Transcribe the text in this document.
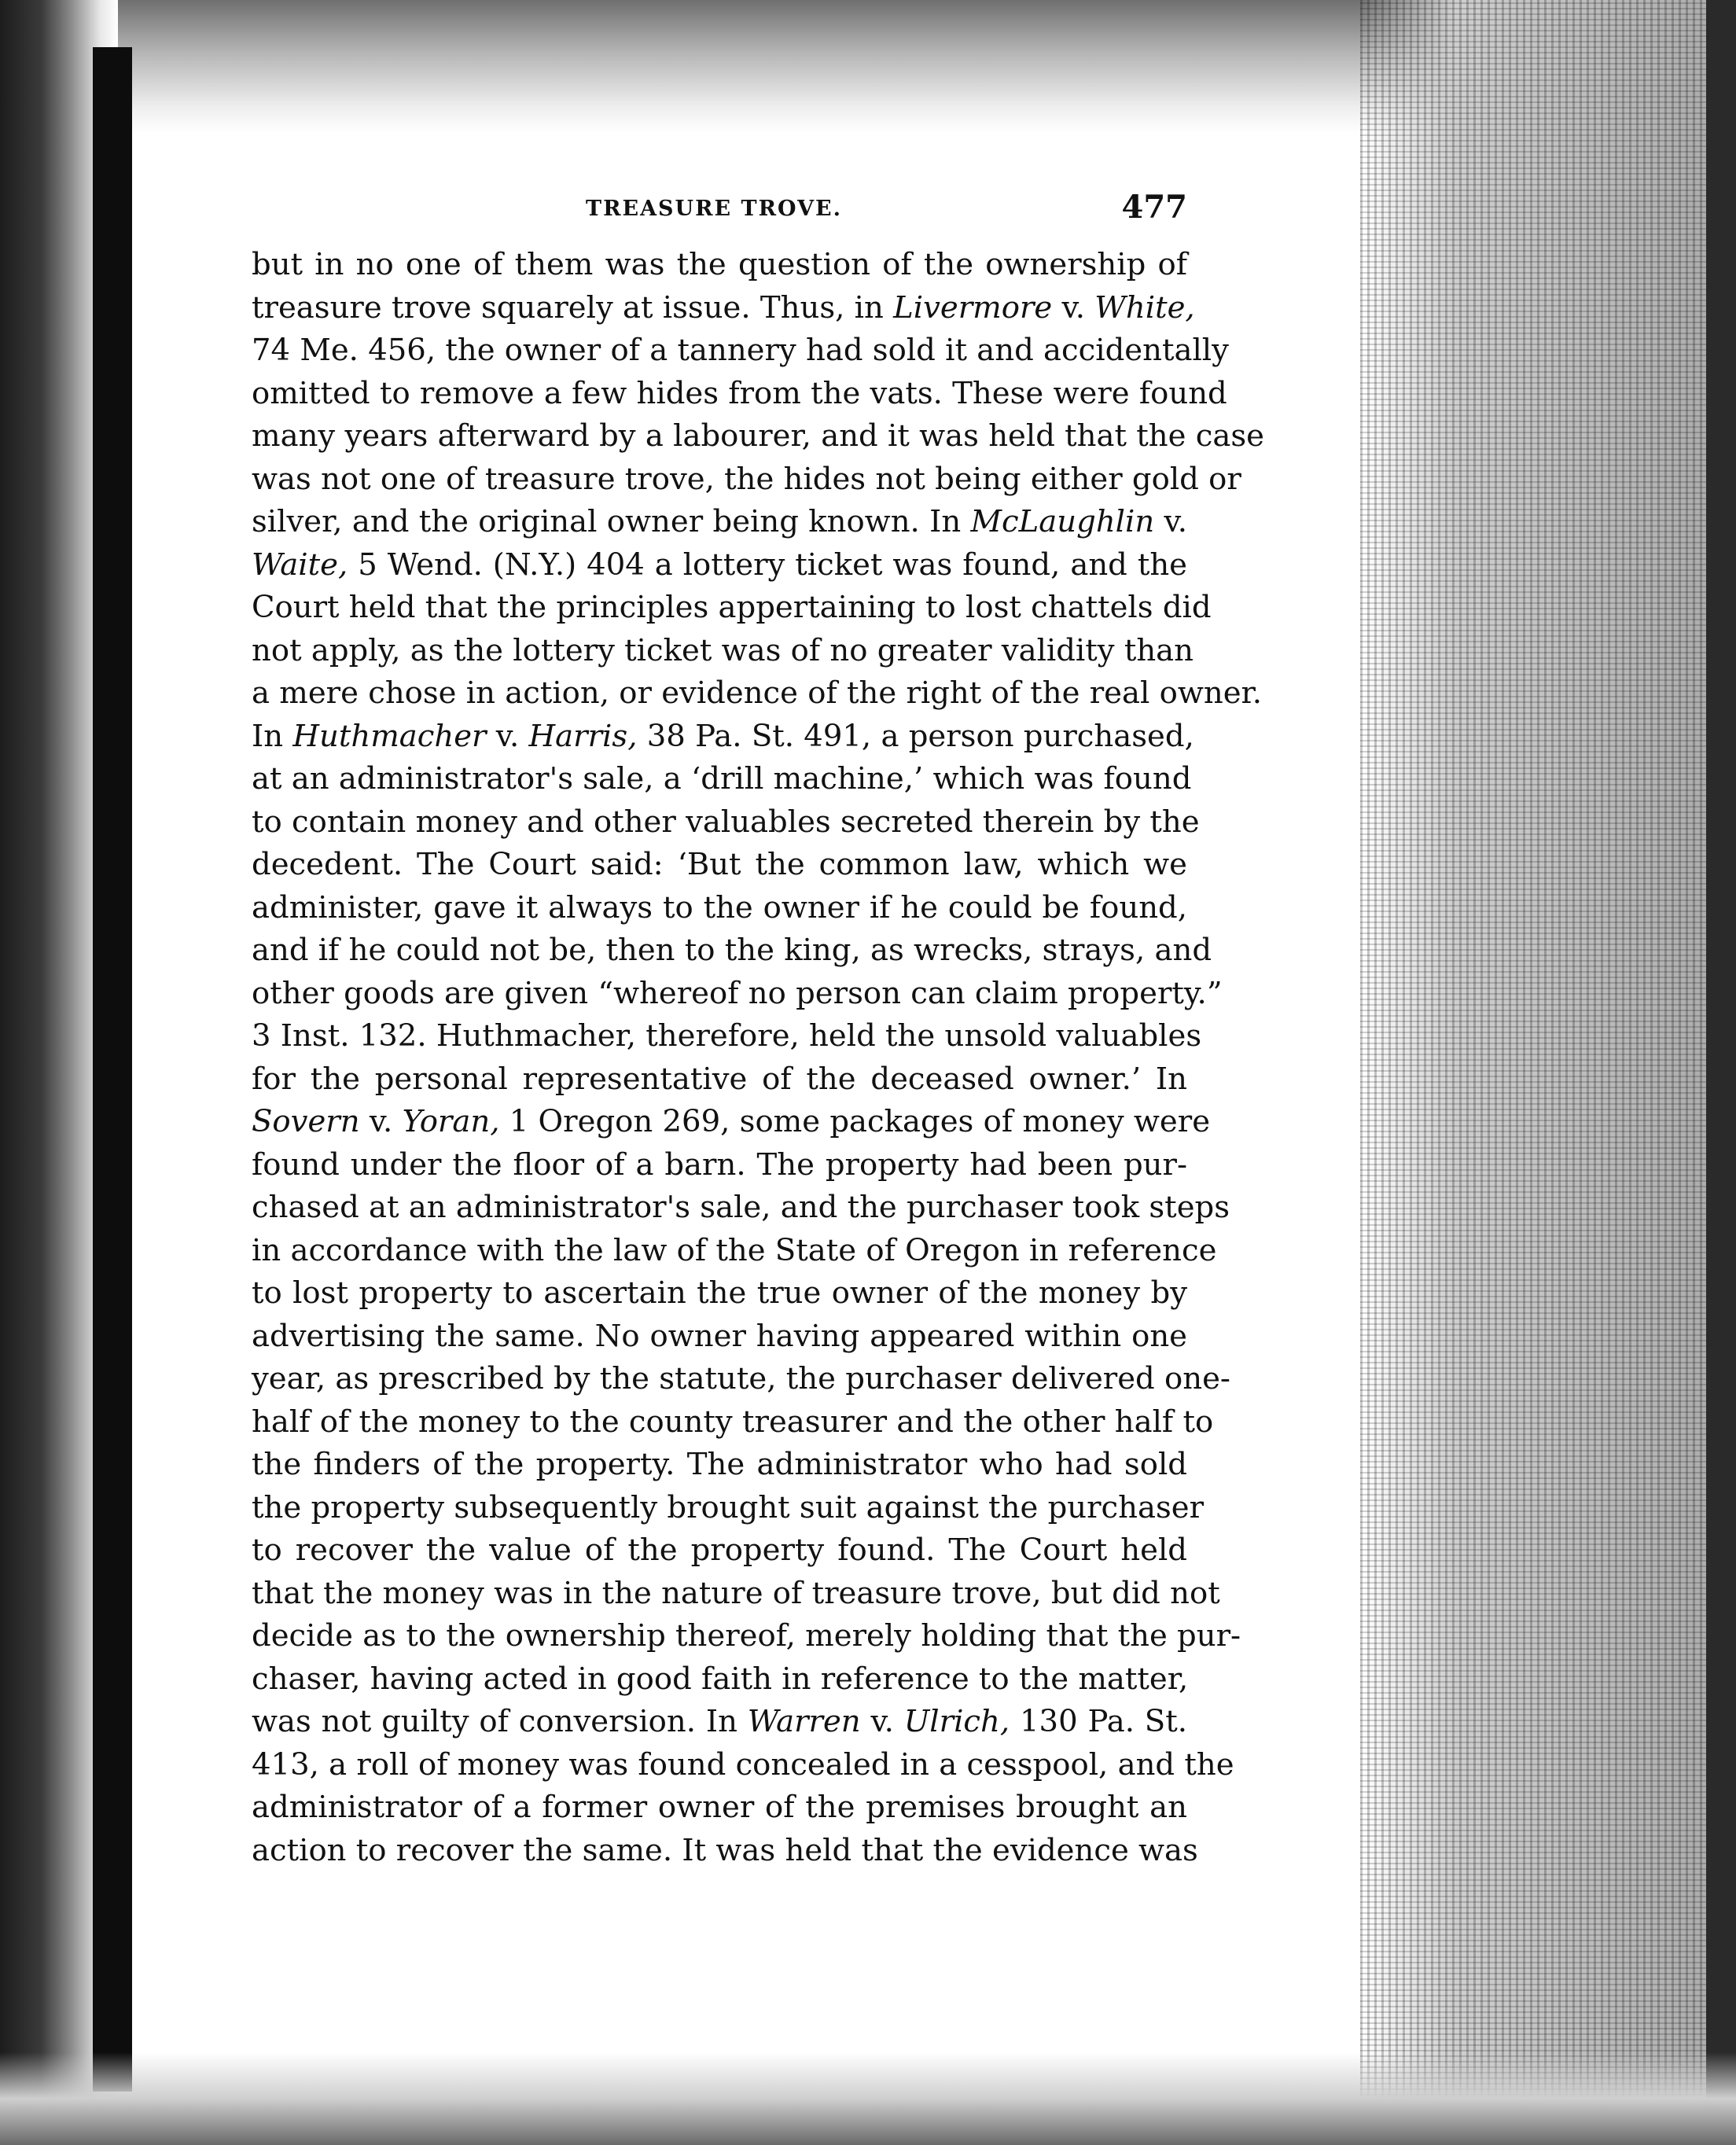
TREASURE TROVE.	477
but in no one of them was the question of the ownership of
treasure trove squarely at issue. Thus, in Livermore v. White,
74 Me. 456, the owner of a tannery had sold it and accidentally
omitted to remove a few hides from the vats. These were found
many years afterward by a labourer, and it was held that the case
was not one of treasure trove, the hides not being either gold or
silver, and the original owner being known. In McLaughlin v.
Waite, 5 Wend. (N.Y.) 404 a lottery ticket was found, and the
Court held that the principles appertaining to lost chattels did
not apply, as the lottery ticket was of no greater validity than
a mere chose in action, or evidence of the right of the real owner.
In Huthmacher v. Harris, 38 Pa. St. 491, a person purchased,
at an administrator's sale, a ‘drill machine,’ which was found
to contain money and other valuables secreted therein by the
decedent. The Court said: ‘But the common law, which we
administer, gave it always to the owner if he could be found,
and if he could not be, then to the king, as wrecks, strays, and
other goods are given “whereof no person can claim property.”
3 Inst. 132. Huthmacher, therefore, held the unsold valuables
for the personal representative of the deceased owner.’ In
Sovern v. Yoran, 1 Oregon 269, some packages of money were
found under the floor of a barn. The property had been pur-
chased at an administrator's sale, and the purchaser took steps
in accordance with the law of the State of Oregon in reference
to lost property to ascertain the true owner of the money by
advertising the same. No owner having appeared within one
year, as prescribed by the statute, the purchaser delivered one-
half of the money to the county treasurer and the other half to
the finders of the property. The administrator who had sold
the property subsequently brought suit against the purchaser
to recover the value of the property found. The Court held
that the money was in the nature of treasure trove, but did not
decide as to the ownership thereof, merely holding that the pur-
chaser, having acted in good faith in reference to the matter,
was not guilty of conversion. In Warren v. Ulrich, 130 Pa. St.
413, a roll of money was found concealed in a cesspool, and the
administrator of a former owner of the premises brought an
action to recover the same. It was held that the evidence was
